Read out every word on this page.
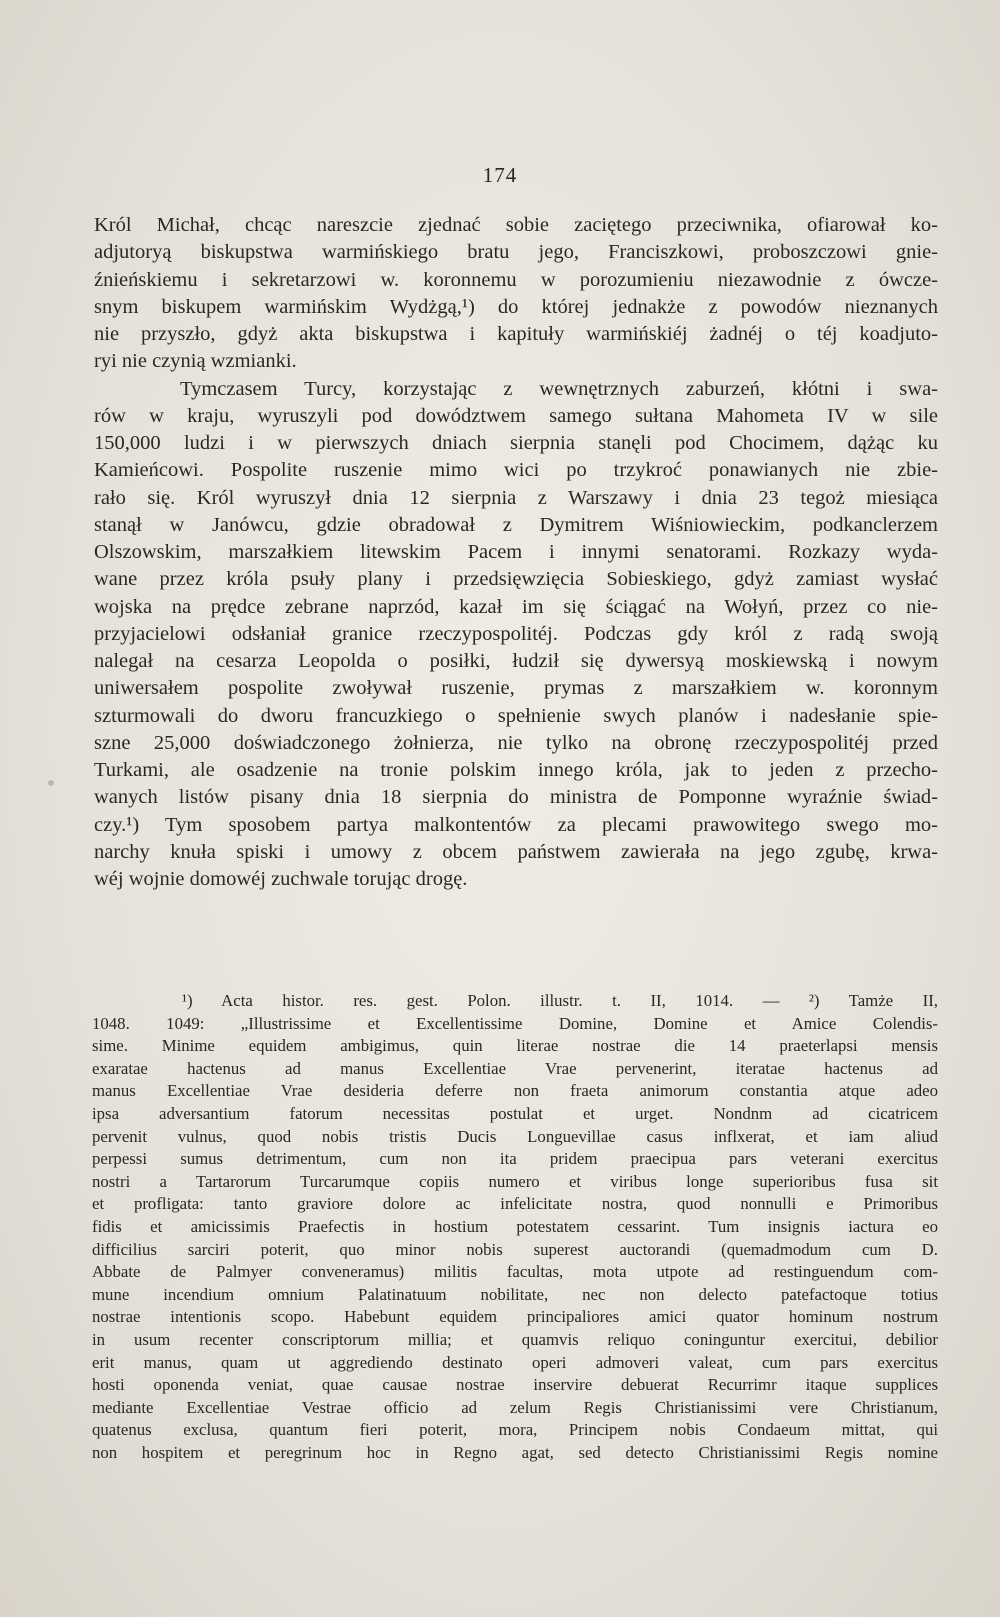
174
Król Michał, chcąc nareszcie zjednać sobie zaciętego przeciwnika, ofiarował ko-
adjutoryą biskupstwa warmińskiego bratu jego, Franciszkowi, proboszczowi gnie-
źnieńskiemu i sekretarzowi w. koronnemu w porozumieniu niezawodnie z ówcze-
snym biskupem warmińskim Wydżgą,¹) do której jednakże z powodów nieznanych
nie przyszło, gdyż akta biskupstwa i kapituły warmińskiéj żadnéj o téj koadjuto-
ryi nie czynią wzmianki.
Tymczasem Turcy, korzystając z wewnętrznych zaburzeń, kłótni i swa-
rów w kraju, wyruszyli pod dowództwem samego sułtana Mahometa IV w sile
150,000 ludzi i w pierwszych dniach sierpnia stanęli pod Chocimem, dążąc ku
Kamieńcowi. Pospolite ruszenie mimo wici po trzykroć ponawianych nie zbie-
rało się. Król wyruszył dnia 12 sierpnia z Warszawy i dnia 23 tegoż miesiąca
stanął w Janówcu, gdzie obradował z Dymitrem Wiśniowieckim, podkanclerzem
Olszowskim, marszałkiem litewskim Pacem i innymi senatorami. Rozkazy wyda-
wane przez króla psuły plany i przedsięwzięcia Sobieskiego, gdyż zamiast wysłać
wojska na prędce zebrane naprzód, kazał im się ściągać na Wołyń, przez co nie-
przyjacielowi odsłaniał granice rzeczypospolitéj. Podczas gdy król z radą swoją
nalegał na cesarza Leopolda o posiłki, łudził się dywersyą moskiewską i nowym
uniwersałem pospolite zwoływał ruszenie, prymas z marszałkiem w. koronnym
szturmowali do dworu francuzkiego o spełnienie swych planów i nadesłanie spie-
szne 25,000 doświadczonego żołnierza, nie tylko na obronę rzeczypospolitéj przed
Turkami, ale osadzenie na tronie polskim innego króla, jak to jeden z przecho-
wanych listów pisany dnia 18 sierpnia do ministra de Pomponne wyraźnie świad-
czy.¹) Tym sposobem partya malkontentów za plecami prawowitego swego mo-
narchy knuła spiski i umowy z obcem państwem zawierała na jego zgubę, krwa-
wéj wojnie domowéj zuchwale torując drogę.
¹) Acta histor. res. gest. Polon. illustr. t. II, 1014. — ²) Tamże II,
1048. 1049: „Illustrissime et Excellentissime Domine, Domine et Amice Colendis-
sime. Minime equidem ambigimus, quin literae nostrae die 14 praeterlapsi mensis
exaratae hactenus ad manus Excellentiae Vrae pervenerint, iteratae hactenus ad
manus Excellentiae Vrae desideria deferre non fraeta animorum constantia atque adeo
ipsa adversantium fatorum necessitas postulat et urget. Nondnm ad cicatricem
pervenit vulnus, quod nobis tristis Ducis Longuevillae casus inflxerat, et iam aliud
perpessi sumus detrimentum, cum non ita pridem praecipua pars veterani exercitus
nostri a Tartarorum Turcarumque copiis numero et viribus longe superioribus fusa sit
et profligata: tanto graviore dolore ac infelicitate nostra, quod nonnulli e Primoribus
fidis et amicissimis Praefectis in hostium potestatem cessarint. Tum insignis iactura eo
difficilius sarciri poterit, quo minor nobis superest auctorandi (quemadmodum cum D.
Abbate de Palmyer conveneramus) militis facultas, mota utpote ad restinguendum com-
mune incendium omnium Palatinatuum nobilitate, nec non delecto patefactoque totius
nostrae intentionis scopo. Habebunt equidem principaliores amici quator hominum nostrum
in usum recenter conscriptorum millia; et quamvis reliquo coninguntur exercitui, debilior
erit manus, quam ut aggrediendo destinato operi admoveri valeat, cum pars exercitus
hosti oponenda veniat, quae causae nostrae inservire debuerat Recurrimr itaque supplices
mediante Excellentiae Vestrae officio ad zelum Regis Christianissimi vere Christianum,
quatenus exclusa, quantum fieri poterit, mora, Principem nobis Condaeum mittat, qui
non hospitem et peregrinum hoc in Regno agat, sed detecto Christianissimi Regis nomine
